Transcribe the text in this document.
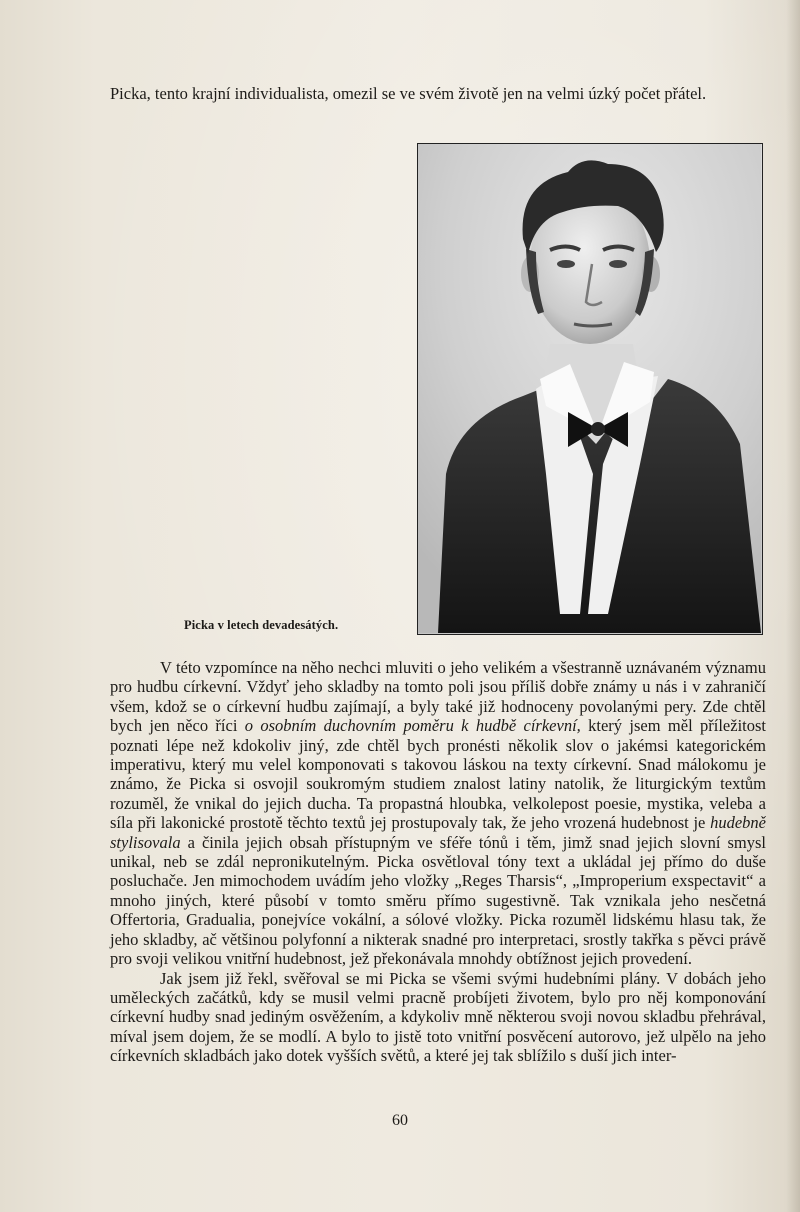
Picka, tento krajní individualista, omezil se ve svém životě jen na velmi úzký počet přátel.
Picka v letech devadesátých.

V této vzpomínce na něho nechci mluviti o jeho velikém a všestranně uznávaném významu pro hudbu církevní. Vždyť jeho skladby na tomto poli jsou příliš dobře známy u nás i v zahraničí všem, kdož se o církevní hudbu zajímají, a byly také již hodnoceny povolanými pery. Zde chtěl bych jen něco říci o osobním duchovním poměru k hudbě církevní, který jsem měl příležitost poznati lépe než kdokoliv jiný, zde chtěl bych pronésti několik slov o jakémsi kategorickém imperativu, který mu velel komponovati s takovou láskou na texty církevní. Snad málokomu je známo, že Picka si osvojil soukromým studiem znalost latiny natolik, že liturgickým textům rozuměl, že vnikal do jejich ducha. Ta propastná hloubka, velkolepost poesie, mystika, veleba a síla při lakonické prostotě těchto textů jej prostupovaly tak, že jeho vrozená hudebnost je hudebně stylisovala a činila jejich obsah přístupným ve sféře tónů i těm, jimž snad jejich slovní smysl unikal, neb se zdál nepronikutelným. Picka osvětloval tóny text a ukládal jej přímo do duše posluchače. Jen mimochodem uvádím jeho vložky „Reges Tharsis“, „Improperium exspectavit“ a mnoho jiných, které působí v tomto směru přímo sugestivně. Tak vznikala jeho nesčetná Offertoria, Gradualia, ponejvíce vokální, a sólové vložky. Picka rozuměl lidskému hlasu tak, že jeho skladby, ač většinou polyfonní a nikterak snadné pro interpretaci, srostly takřka s pěvci právě pro svoji velikou vnitřní hudebnost, jež překonávala mnohdy obtížnost jejich provedení.

Jak jsem již řekl, svěřoval se mi Picka se všemi svými hudebními plány. V dobách jeho uměleckých začátků, kdy se musil velmi pracně probíjeti životem, bylo pro něj komponování církevní hudby snad jediným osvěžením, a kdykoliv mně některou svoji novou skladbu přehrával, míval jsem dojem, že se modlí. A bylo to jistě toto vnitřní posvěcení autorovo, jež ulpělo na jeho církevních skladbách jako dotek vyšších světů, a které jej tak sblížilo s duší jich inter-

60
